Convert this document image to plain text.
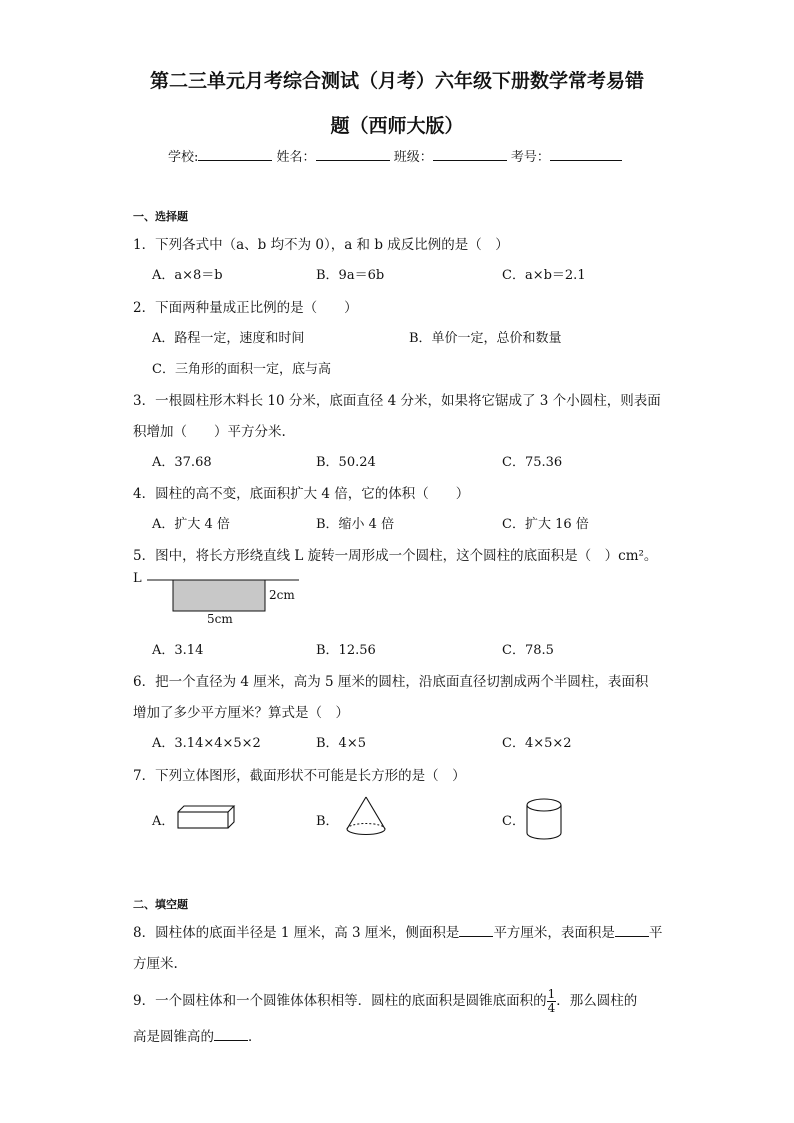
第二三单元月考综合测试（月考）六年级下册数学常考易错
题（西师大版）
学校:	姓名：	班级：	考号：
一、选择题
1．下列各式中（a、b 均不为 0），a 和 b 成反比例的是（　）
A．a×8＝b	B．9a＝6b	C．a×b＝2.1
2．下面两种量成正比例的是（　　）
A．路程一定，速度和时间	B．单价一定，总价和数量
C．三角形的面积一定，底与高
3．一根圆柱形木料长 10 分米，底面直径 4 分米，如果将它锯成了 3 个小圆柱，则表面
积增加（　　）平方分米.
A．37.68	B．50.24	C．75.36
4．圆柱的高不变，底面积扩大 4 倍，它的体积（　　）
A．扩大 4 倍	B．缩小 4 倍	C．扩大 16 倍
5．图中，将长方形绕直线 L 旋转一周形成一个圆柱，这个圆柱的底面积是（　）cm²。
L
2cm
5cm
A．3.14	B．12.56	C．78.5
6．把一个直径为 4 厘米，高为 5 厘米的圆柱，沿底面直径切割成两个半圆柱，表面积
增加了多少平方厘米？算式是（　）
A．3.14×4×5×2	B．4×5	C．4×5×2
7．下列立体图形，截面形状不可能是长方形的是（　）
A．	B．	C．
二、填空题
8．圆柱体的底面半径是 1 厘米，高 3 厘米，侧面积是	平方厘米，表面积是	平
方厘米.
9．一个圆柱体和一个圆锥体体积相等．圆柱的底面积是圆锥底面积的 $\frac{1}{4}$ ．那么圆柱的
高是圆锥高的	．
